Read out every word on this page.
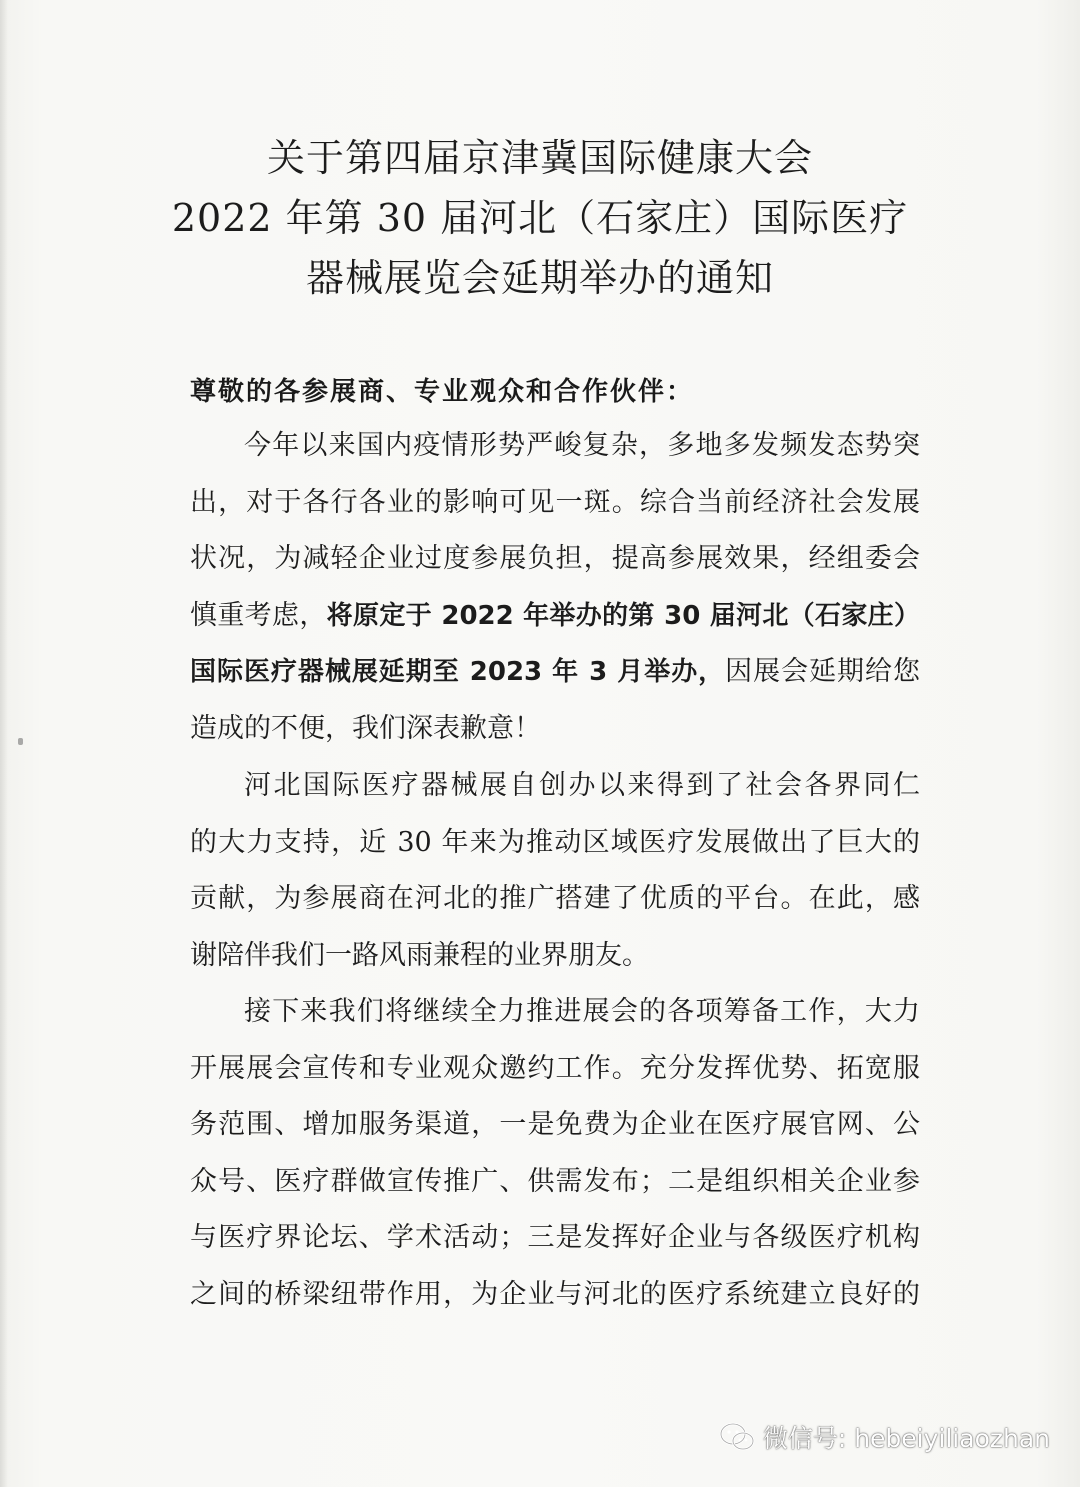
关于第四届京津冀国际健康大会
2022 年第 30 届河北（石家庄）国际医疗
器械展览会延期举办的通知
尊敬的各参展商、专业观众和合作伙伴：
今年以来国内疫情形势严峻复杂，多地多发频发态势突
出，对于各行各业的影响可见一斑。综合当前经济社会发展
状况，为减轻企业过度参展负担，提高参展效果，经组委会
慎重考虑，将原定于 2022 年举办的第 30 届河北（石家庄）
国际医疗器械展延期至 2023 年 3 月举办，因展会延期给您
造成的不便，我们深表歉意！
河北国际医疗器械展自创办以来得到了社会各界同仁
的大力支持，近 30 年来为推动区域医疗发展做出了巨大的
贡献，为参展商在河北的推广搭建了优质的平台。在此，感
谢陪伴我们一路风雨兼程的业界朋友。
接下来我们将继续全力推进展会的各项筹备工作，大力
开展展会宣传和专业观众邀约工作。充分发挥优势、拓宽服
务范围、增加服务渠道，一是免费为企业在医疗展官网、公
众号、医疗群做宣传推广、供需发布；二是组织相关企业参
与医疗界论坛、学术活动；三是发挥好企业与各级医疗机构
之间的桥梁纽带作用，为企业与河北的医疗系统建立良好的
微信号: hebeiyiliaozhan
